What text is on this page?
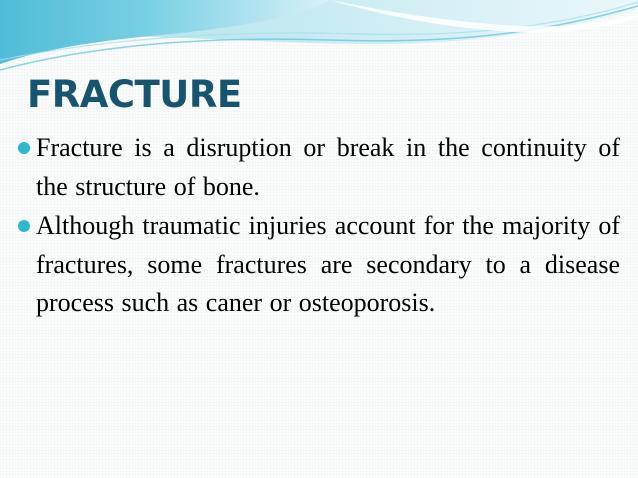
FRACTURE
Fracture is a disruption or break in the continuity of the structure of bone.
Although traumatic injuries account for the majority of fractures, some fractures are secondary to a disease process such as caner or osteoporosis.
